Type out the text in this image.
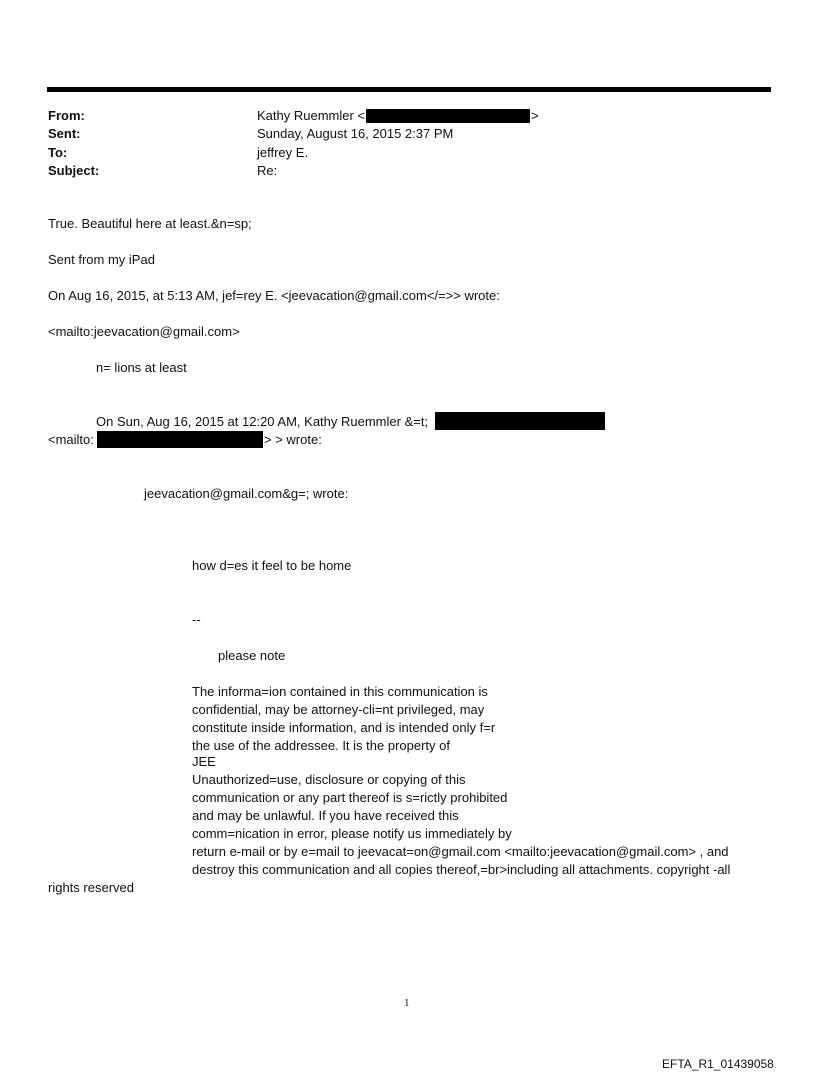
From:
Sent:
To:
Subject:
Kathy Ruemmler <	>
Sunday, August 16, 2015 2:37 PM
jeffrey E.
Re:
True. Beautiful here at least.&n=sp;
Sent from my iPad
On Aug 16, 2015, at 5:13 AM, jef=rey E. <jeevacation@gmail.com</=>> wrote:
<mailto:jeevacation@gmail.com>
n= lions at least
On Sun, Aug 16, 2015 at 12:20 AM, Kathy Ruemmler &=t;
<mailto:	> > wrote:
jeevacation@gmail.com&g=; wrote:
how d=es it feel to be home
--
please note
The informa=ion contained in this communication is
confidential, may be attorney-cli=nt privileged, may
constitute inside information, and is intended only f=r
the use of the addressee. It is the property of
JEE
Unauthorized=use, disclosure or copying of this
communication or any part thereof is s=rictly prohibited
and may be unlawful. If you have received this
comm=nication in error, please notify us immediately by
return e-mail or by e=mail to jeevacat=on@gmail.com <mailto:jeevacation@gmail.com> , and
destroy this communication and all copies thereof,=br>including all attachments. copyright -all
rights reserved
1
EFTA_R1_01439058
